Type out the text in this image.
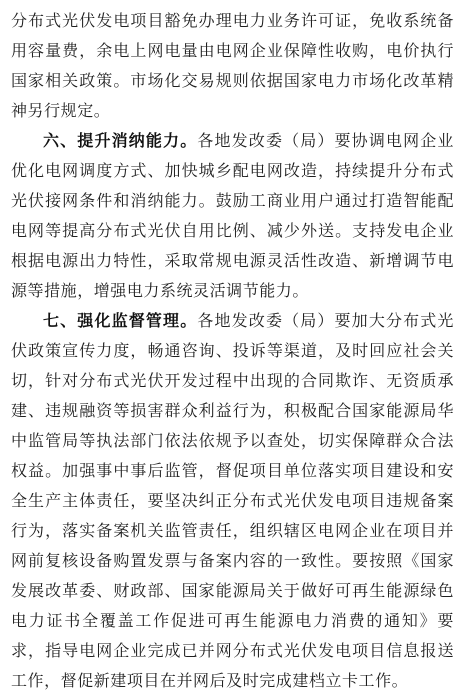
分布式光伏发电项目豁免办理电力业务许可证，免收系统备用容量费，余电上网电量由电网企业保障性收购，电价执行国家相关政策。市场化交易规则依据国家电力市场化改革精神另行规定。

六、提升消纳能力。各地发改委（局）要协调电网企业优化电网调度方式、加快城乡配电网改造，持续提升分布式光伏接网条件和消纳能力。鼓励工商业用户通过打造智能配电网等提高分布式光伏自用比例、减少外送。支持发电企业根据电源出力特性，采取常规电源灵活性改造、新增调节电源等措施，增强电力系统灵活调节能力。

七、强化监督管理。各地发改委（局）要加大分布式光伏政策宣传力度，畅通咨询、投诉等渠道，及时回应社会关切，针对分布式光伏开发过程中出现的合同欺诈、无资质承建、违规融资等损害群众利益行为，积极配合国家能源局华中监管局等执法部门依法依规予以查处，切实保障群众合法权益。加强事中事后监管，督促项目单位落实项目建设和安全生产主体责任，要坚决纠正分布式光伏发电项目违规备案行为，落实备案机关监管责任，组织辖区电网企业在项目并网前复核设备购置发票与备案内容的一致性。要按照《国家发展改革委、财政部、国家能源局关于做好可再生能源绿色电力证书全覆盖工作促进可再生能源电力消费的通知》要求，指导电网企业完成已并网分布式光伏发电项目信息报送工作，督促新建项目在并网后及时完成建档立卡工作。
